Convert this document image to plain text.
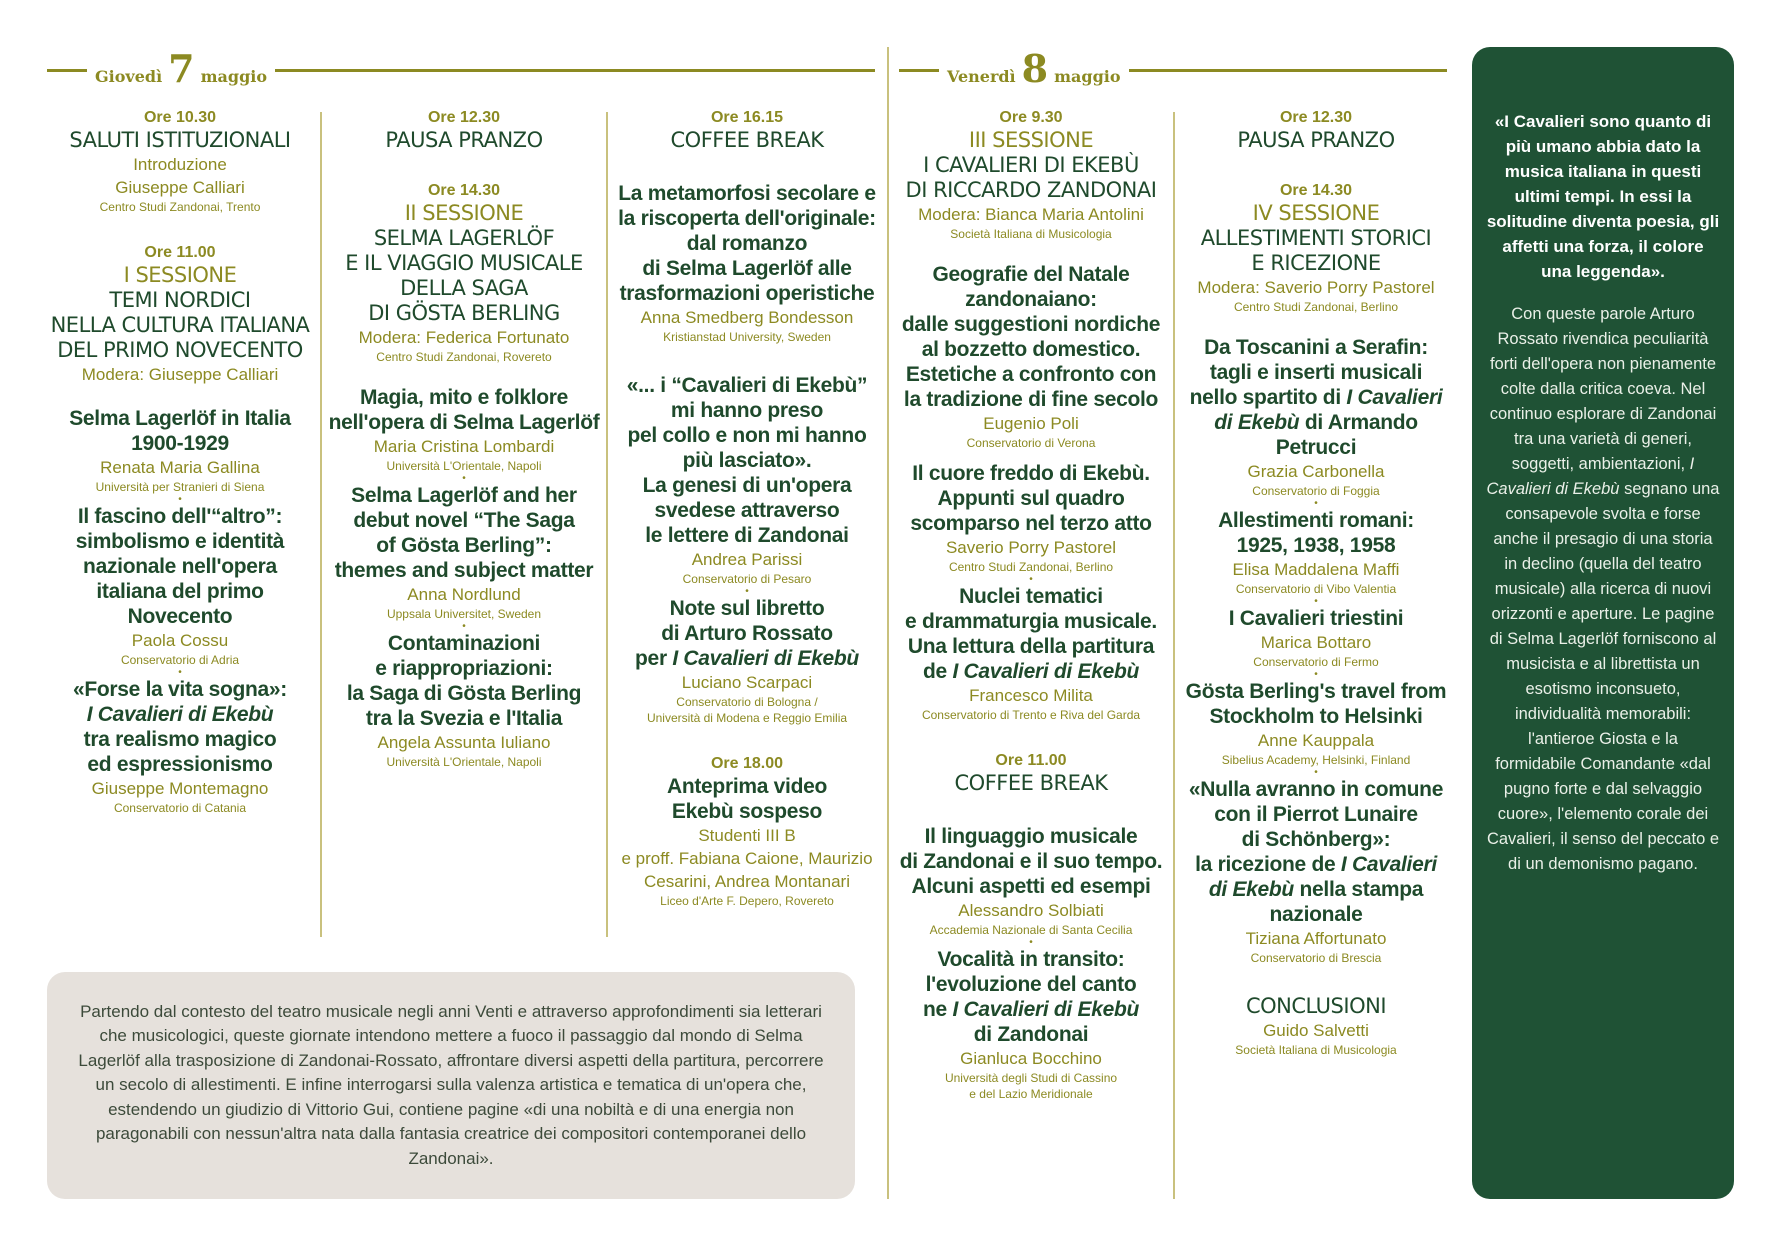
Giovedì 7 maggio	Venerdì 8 maggio
Ore 10.30
SALUTI ISTITUZIONALI
Introduzione
Giuseppe Calliari
Centro Studi Zandonai, Trento
Ore 11.00
I SESSIONE
TEMI NORDICI
NELLA CULTURA ITALIANA
DEL PRIMO NOVECENTO
Modera: Giuseppe Calliari
Selma Lagerlöf in Italia
1900-1929
Renata Maria Gallina
Università per Stranieri di Siena
•
Il fascino dell'“altro”:
simbolismo e identità
nazionale nell'opera
italiana del primo
Novecento
Paola Cossu
Conservatorio di Adria
•
«Forse la vita sogna»:
I Cavalieri di Ekebù
tra realismo magico
ed espressionismo
Giuseppe Montemagno
Conservatorio di Catania
Ore 12.30
PAUSA PRANZO
Ore 14.30
II SESSIONE
SELMA LAGERLÖF
E IL VIAGGIO MUSICALE
DELLA SAGA
DI GÖSTA BERLING
Modera: Federica Fortunato
Centro Studi Zandonai, Rovereto
Magia, mito e folklore
nell'opera di Selma Lagerlöf
Maria Cristina Lombardi
Università L'Orientale, Napoli
•
Selma Lagerlöf and her
debut novel “The Saga
of Gösta Berling”:
themes and subject matter
Anna Nordlund
Uppsala Universitet, Sweden
•
Contaminazioni
e riappropriazioni:
la Saga di Gösta Berling
tra la Svezia e l'Italia
Angela Assunta Iuliano
Università L'Orientale, Napoli
Ore 16.15
COFFEE BREAK
La metamorfosi secolare e
la riscoperta dell'originale:
dal romanzo
di Selma Lagerlöf alle
trasformazioni operistiche
Anna Smedberg Bondesson
Kristianstad University, Sweden
«... i “Cavalieri di Ekebù”
mi hanno preso
pel collo e non mi hanno
più lasciato».
La genesi di un'opera
svedese attraverso
le lettere di Zandonai
Andrea Parissi
Conservatorio di Pesaro
•
Note sul libretto
di Arturo Rossato
per I Cavalieri di Ekebù
Luciano Scarpaci
Conservatorio di Bologna /
Università di Modena e Reggio Emilia
Ore 18.00
Anteprima video
Ekebù sospeso
Studenti III B
e proff. Fabiana Caione, Maurizio
Cesarini, Andrea Montanari
Liceo d'Arte F. Depero, Rovereto
Ore 9.30
III SESSIONE
I CAVALIERI DI EKEBÙ
DI RICCARDO ZANDONAI
Modera: Bianca Maria Antolini
Società Italiana di Musicologia
Geografie del Natale
zandonaiano:
dalle suggestioni nordiche
al bozzetto domestico.
Estetiche a confronto con
la tradizione di fine secolo
Eugenio Poli
Conservatorio di Verona
Il cuore freddo di Ekebù.
Appunti sul quadro
scomparso nel terzo atto
Saverio Porry Pastorel
Centro Studi Zandonai, Berlino
•
Nuclei tematici
e drammaturgia musicale.
Una lettura della partitura
de I Cavalieri di Ekebù
Francesco Milita
Conservatorio di Trento e Riva del Garda
Ore 11.00
COFFEE BREAK
Il linguaggio musicale
di Zandonai e il suo tempo.
Alcuni aspetti ed esempi
Alessandro Solbiati
Accademia Nazionale di Santa Cecilia
•
Vocalità in transito:
l'evoluzione del canto
ne I Cavalieri di Ekebù
di Zandonai
Gianluca Bocchino
Università degli Studi di Cassino
e del Lazio Meridionale
Ore 12.30
PAUSA PRANZO
Ore 14.30
IV SESSIONE
ALLESTIMENTI STORICI
E RICEZIONE
Modera: Saverio Porry Pastorel
Centro Studi Zandonai, Berlino
Da Toscanini a Serafin:
tagli e inserti musicali
nello spartito di I Cavalieri
di Ekebù di Armando
Petrucci
Grazia Carbonella
Conservatorio di Foggia
•
Allestimenti romani:
1925, 1938, 1958
Elisa Maddalena Maffi
Conservatorio di Vibo Valentia
•
I Cavalieri triestini
Marica Bottaro
Conservatorio di Fermo
•
Gösta Berling's travel from
Stockholm to Helsinki
Anne Kauppala
Sibelius Academy, Helsinki, Finland
•
«Nulla avranno in comune
con il Pierrot Lunaire
di Schönberg»:
la ricezione de I Cavalieri
di Ekebù nella stampa
nazionale
Tiziana Affortunato
Conservatorio di Brescia
CONCLUSIONI
Guido Salvetti
Società Italiana di Musicologia

Partendo dal contesto del teatro musicale negli anni Venti e attraverso approfondimenti sia letterari che musicologici, queste giornate intendono mettere a fuoco il passaggio dal mondo di Selma Lagerlöf alla trasposizione di Zandonai-Rossato, affrontare diversi aspetti della partitura, percorrere un secolo di allestimenti. E infine interrogarsi sulla valenza artistica e tematica di un'opera che, estendendo un giudizio di Vittorio Gui, contiene pagine «di una nobiltà e di una energia non paragonabili con nessun'altra nata dalla fantasia creatrice dei compositori contemporanei dello Zandonai».

«I Cavalieri sono quanto di più umano abbia dato la musica italiana in questi ultimi tempi. In essi la solitudine diventa poesia, gli affetti una forza, il colore una leggenda».
Con queste parole Arturo Rossato rivendica peculiarità forti dell'opera non pienamente colte dalla critica coeva. Nel continuo esplorare di Zandonai tra una varietà di generi, soggetti, ambientazioni, I Cavalieri di Ekebù segnano una consapevole svolta e forse anche il presagio di una storia in declino (quella del teatro musicale) alla ricerca di nuovi orizzonti e aperture. Le pagine di Selma Lagerlöf forniscono al musicista e al librettista un esotismo inconsueto, individualità memorabili: l'antieroe Giosta e la formidabile Comandante «dal pugno forte e dal selvaggio cuore», l'elemento corale dei Cavalieri, il senso del peccato e di un demonismo pagano.
